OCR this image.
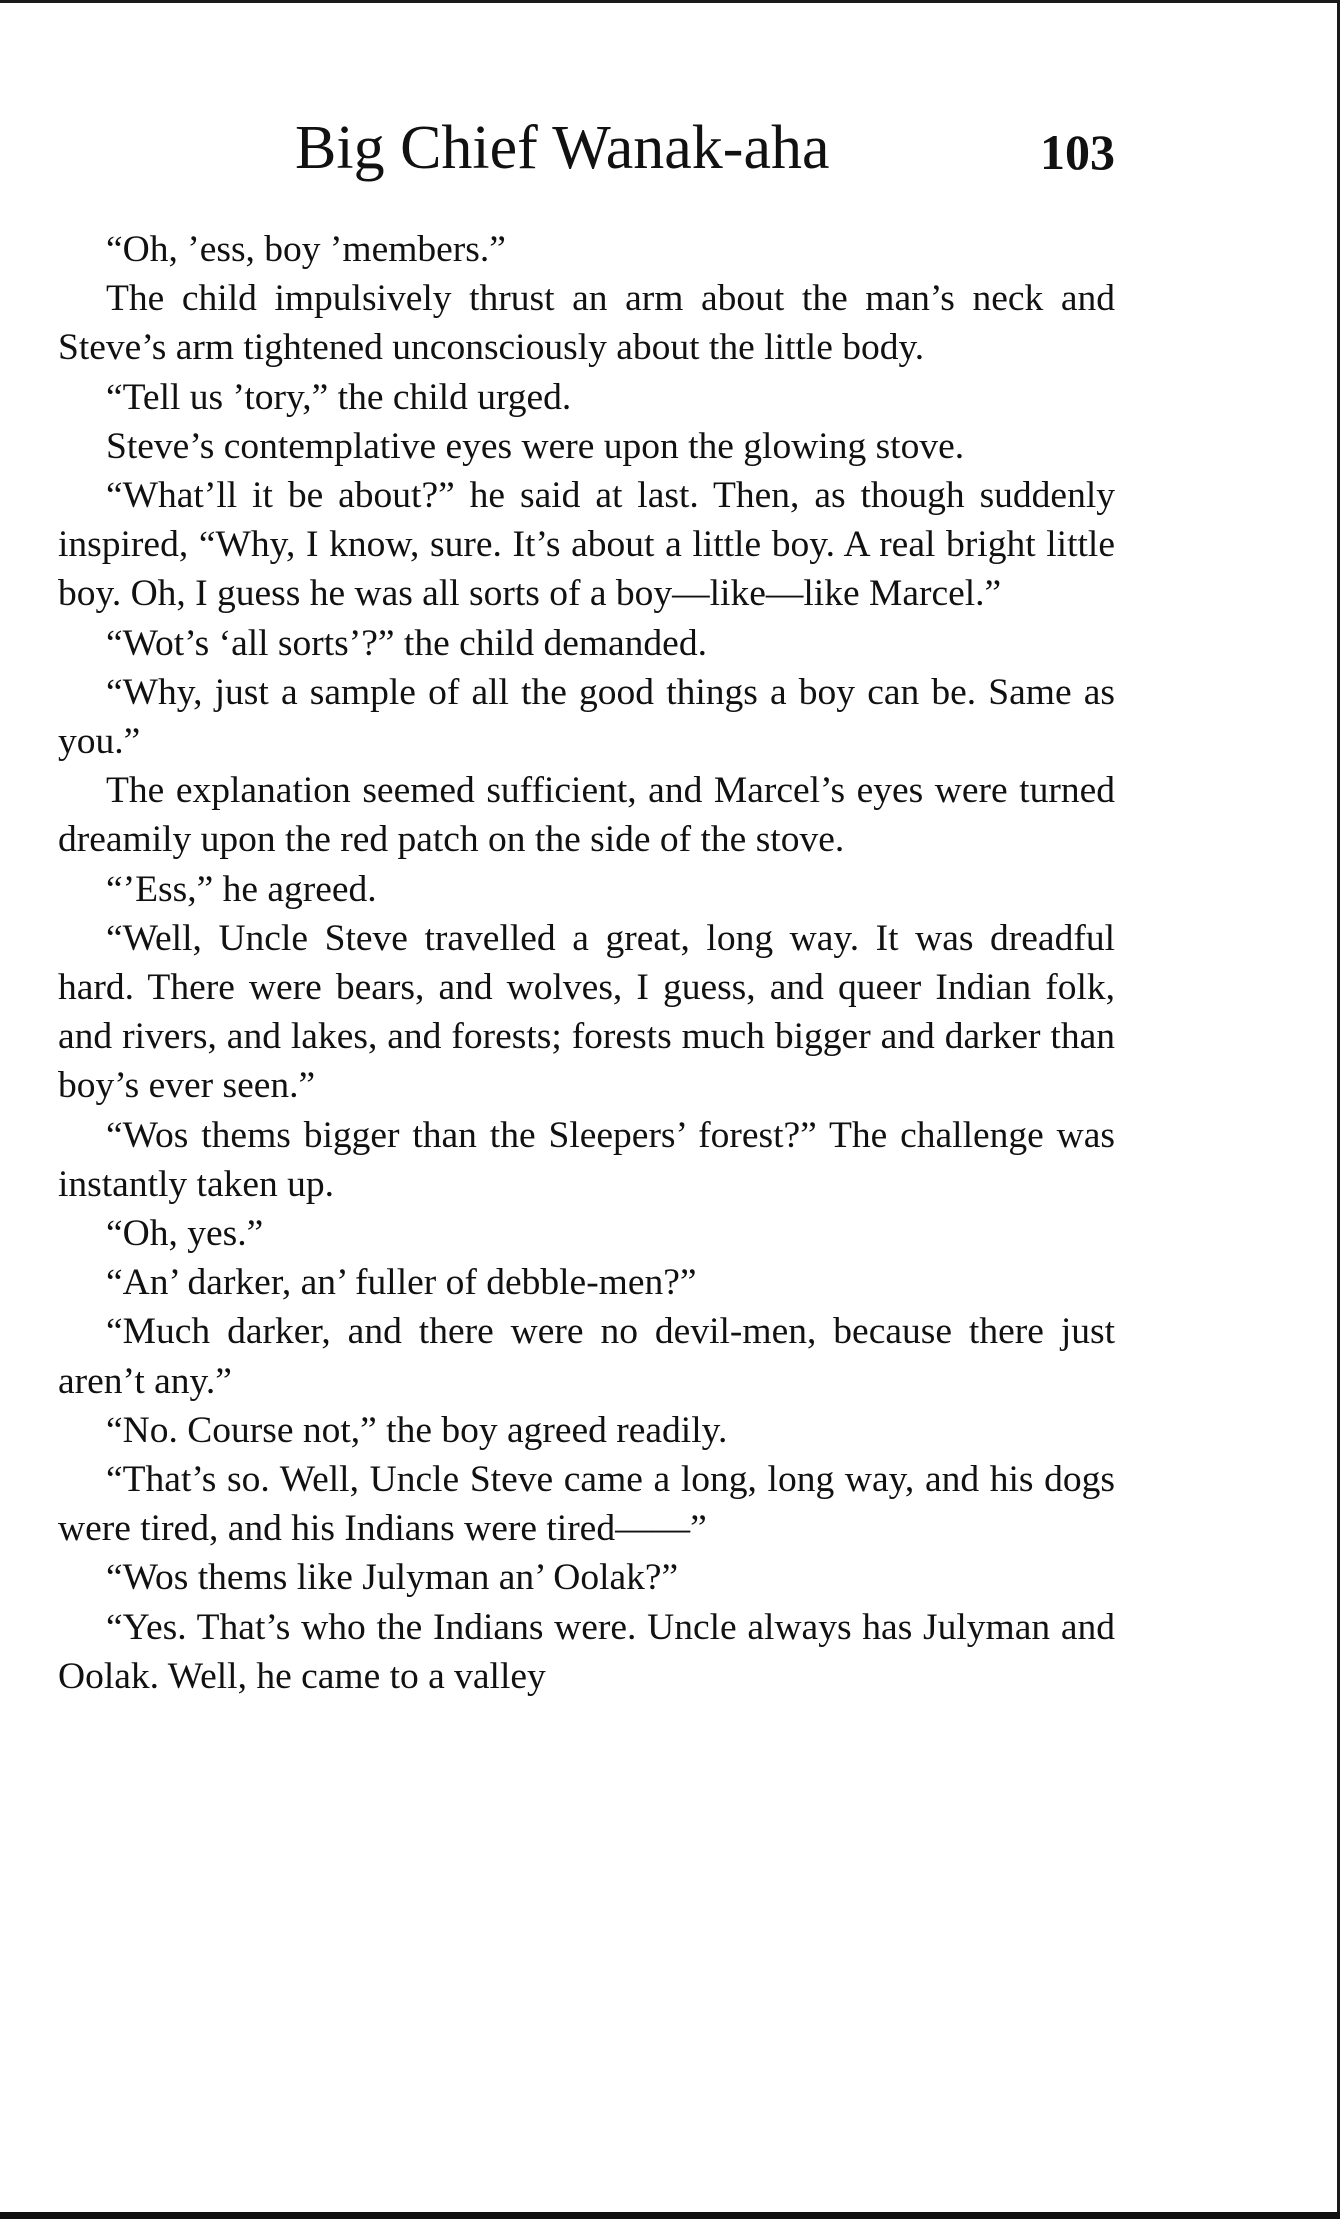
Big Chief Wanak-aha	103

“Oh, ’ess, boy ’members.”

The child impulsively thrust an arm about the man’s neck and Steve’s arm tightened unconsciously about the little body.

“Tell us ’tory,” the child urged.

Steve’s contemplative eyes were upon the glowing stove.

“What’ll it be about?” he said at last. Then, as though suddenly inspired, “Why, I know, sure. It’s about a little boy. A real bright little boy. Oh, I guess he was all sorts of a boy—like—like Marcel.”

“Wot’s ‘all sorts’?” the child demanded.

“Why, just a sample of all the good things a boy can be. Same as you.”

The explanation seemed sufficient, and Marcel’s eyes were turned dreamily upon the red patch on the side of the stove.

“’Ess,” he agreed.

“Well, Uncle Steve travelled a great, long way. It was dreadful hard. There were bears, and wolves, I guess, and queer Indian folk, and rivers, and lakes, and forests; forests much bigger and darker than boy’s ever seen.”

“Wos thems bigger than the Sleepers’ forest?” The challenge was instantly taken up.

“Oh, yes.”

“An’ darker, an’ fuller of debble-men?”

“Much darker, and there were no devil-men, because there just aren’t any.”

“No. Course not,” the boy agreed readily.

“That’s so. Well, Uncle Steve came a long, long way, and his dogs were tired, and his Indians were tired——”

“Wos thems like Julyman an’ Oolak?”

“Yes. That’s who the Indians were. Uncle always has Julyman and Oolak. Well, he came to a valley
